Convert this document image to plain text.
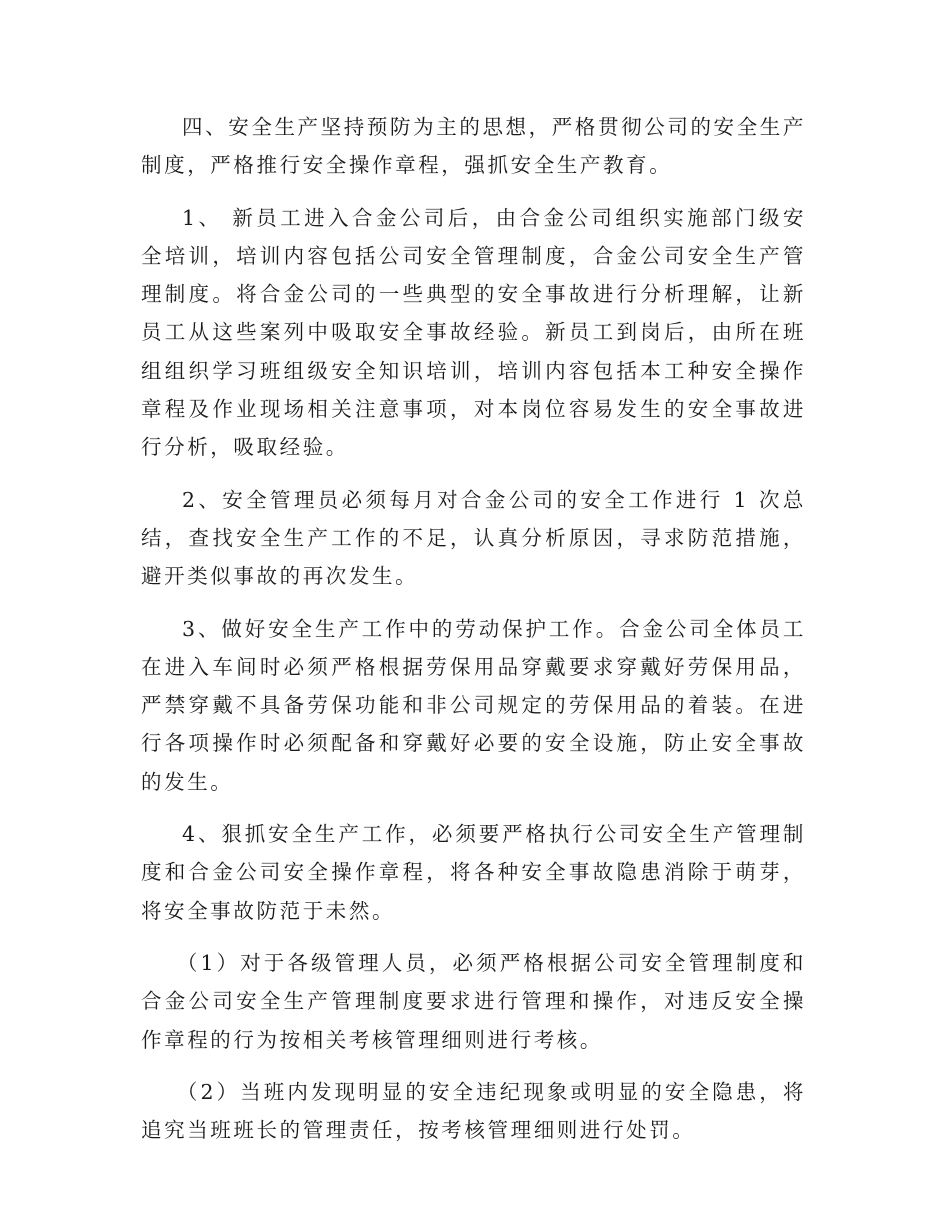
四、安全生产坚持预防为主的思想，严格贯彻公司的安全生产制度，严格推行安全操作章程，强抓安全生产教育。

1、 新员工进入合金公司后，由合金公司组织实施部门级安全培训，培训内容包括公司安全管理制度，合金公司安全生产管理制度。将合金公司的一些典型的安全事故进行分析理解，让新员工从这些案列中吸取安全事故经验。新员工到岗后，由所在班组组织学习班组级安全知识培训，培训内容包括本工种安全操作章程及作业现场相关注意事项，对本岗位容易发生的安全事故进行分析，吸取经验。

2、安全管理员必须每月对合金公司的安全工作进行 1 次总结，查找安全生产工作的不足，认真分析原因，寻求防范措施，避开类似事故的再次发生。

3、做好安全生产工作中的劳动保护工作。合金公司全体员工在进入车间时必须严格根据劳保用品穿戴要求穿戴好劳保用品，严禁穿戴不具备劳保功能和非公司规定的劳保用品的着装。在进行各项操作时必须配备和穿戴好必要的安全设施，防止安全事故的发生。

4、狠抓安全生产工作，必须要严格执行公司安全生产管理制度和合金公司安全操作章程，将各种安全事故隐患消除于萌芽，将安全事故防范于未然。

（1）对于各级管理人员，必须严格根据公司安全管理制度和合金公司安全生产管理制度要求进行管理和操作，对违反安全操作章程的行为按相关考核管理细则进行考核。

（2）当班内发现明显的安全违纪现象或明显的安全隐患，将追究当班班长的管理责任，按考核管理细则进行处罚。
